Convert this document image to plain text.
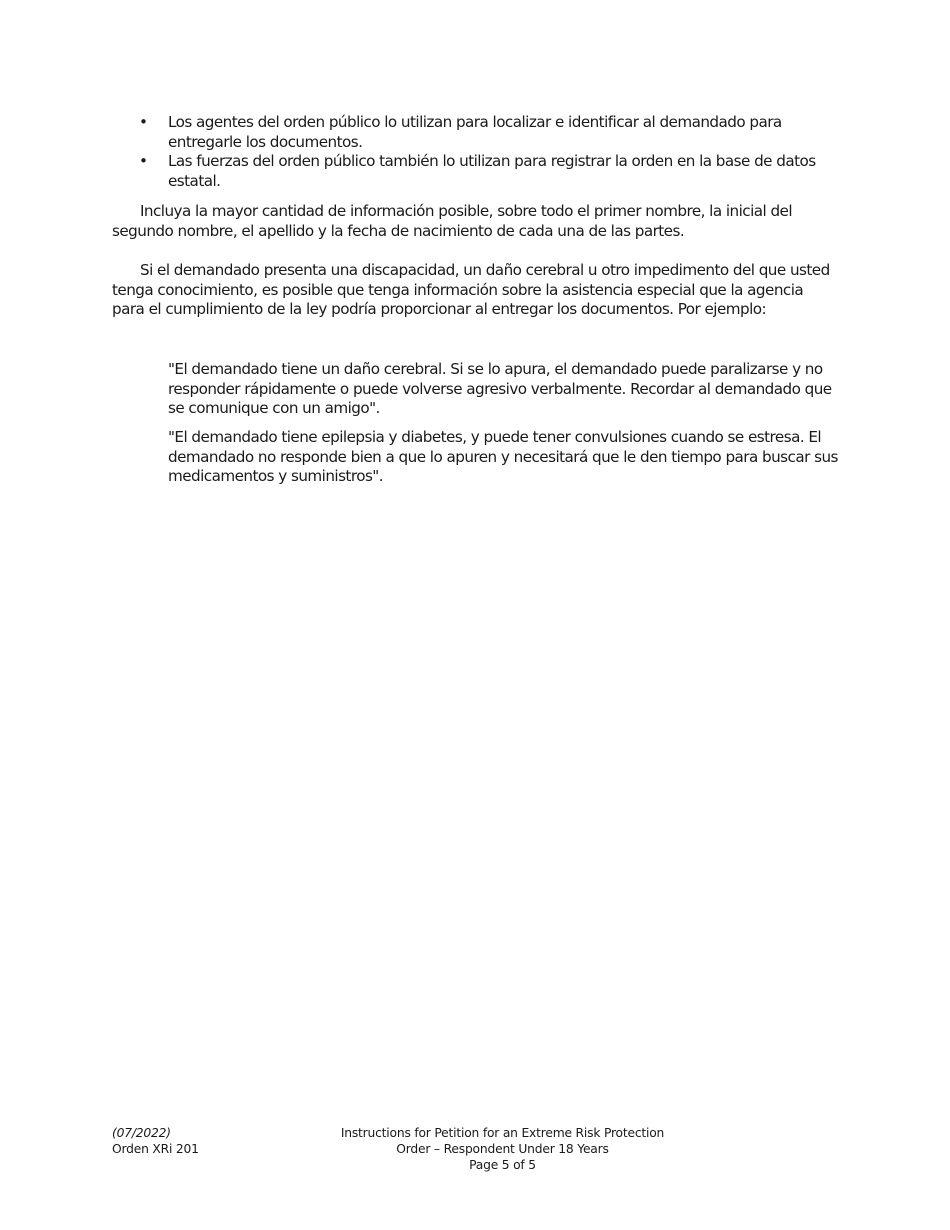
• Los agentes del orden público lo utilizan para localizar e identificar al demandado para entregarle los documentos.
• Las fuerzas del orden público también lo utilizan para registrar la orden en la base de datos estatal.

Incluya la mayor cantidad de información posible, sobre todo el primer nombre, la inicial del segundo nombre, el apellido y la fecha de nacimiento de cada una de las partes.

Si el demandado presenta una discapacidad, un daño cerebral u otro impedimento del que usted tenga conocimiento, es posible que tenga información sobre la asistencia especial que la agencia para el cumplimiento de la ley podría proporcionar al entregar los documentos. Por ejemplo:

"El demandado tiene un daño cerebral. Si se lo apura, el demandado puede paralizarse y no responder rápidamente o puede volverse agresivo verbalmente. Recordar al demandado que se comunique con un amigo".

"El demandado tiene epilepsia y diabetes, y puede tener convulsiones cuando se estresa. El demandado no responde bien a que lo apuren y necesitará que le den tiempo para buscar sus medicamentos y suministros".

(07/2022)
Orden XRi 201
Instructions for Petition for an Extreme Risk Protection
Order – Respondent Under 18 Years
Page 5 of 5
